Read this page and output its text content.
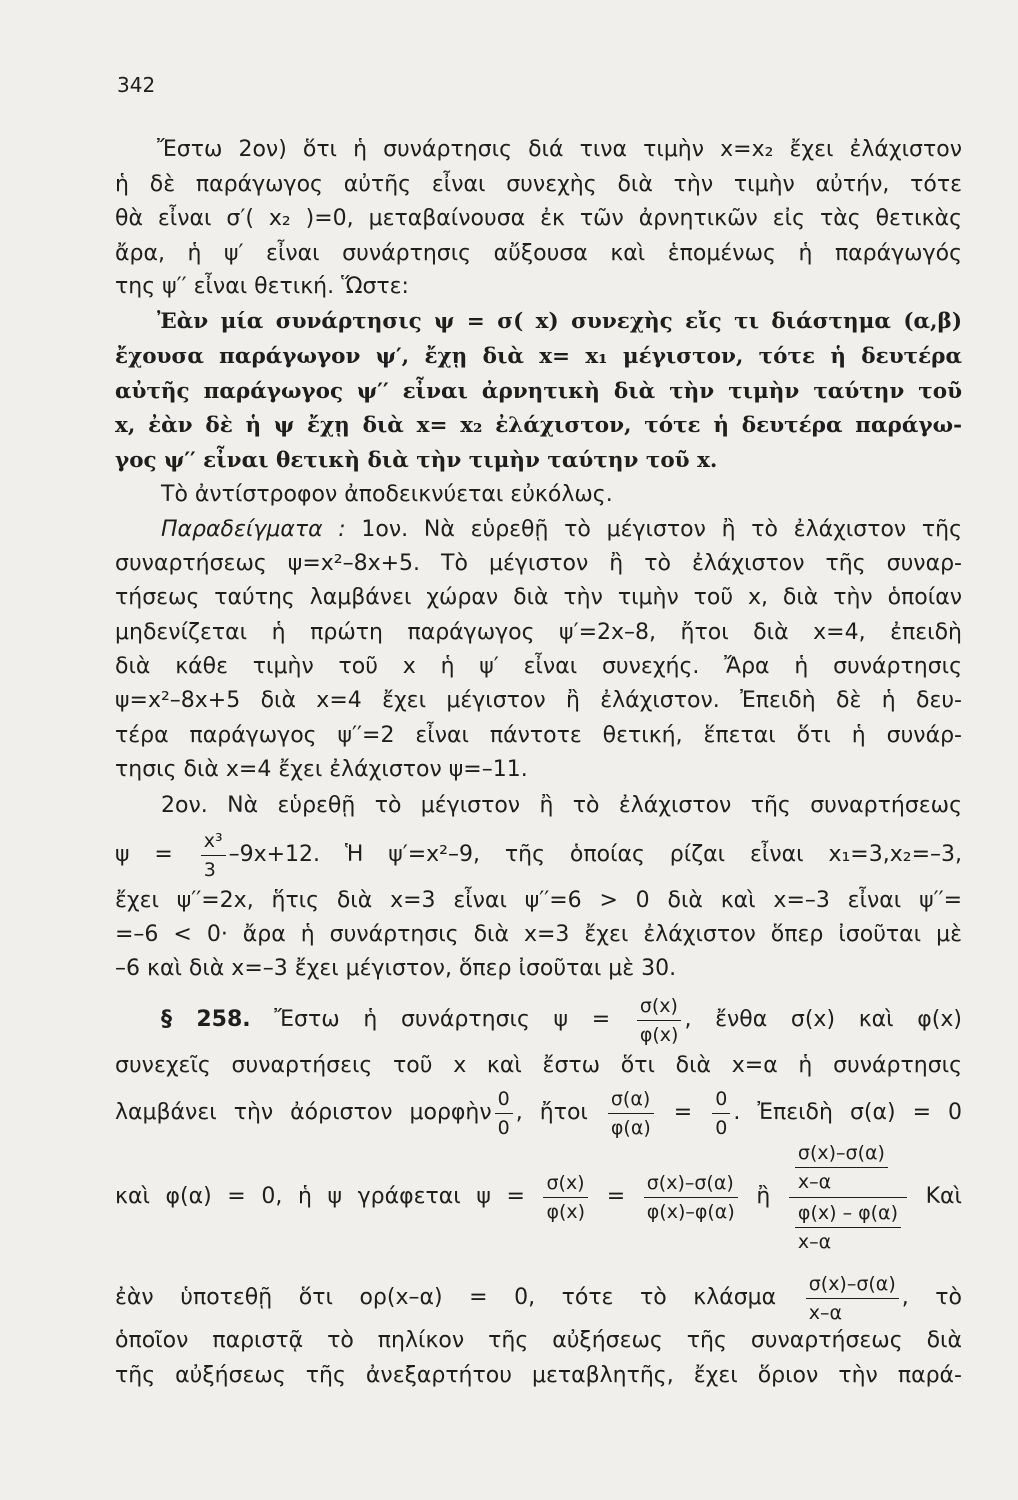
342
Ἔστω 2ον) ὅτι ἡ συνάρτησις διά τινα τιμὴν x=x₂ ἔχει ἐλάχιστον
ἡ δὲ παράγωγος αὐτῆς εἶναι συνεχὴς διὰ τὴν τιμὴν αὐτήν, τότε
θὰ εἶναι σ′( x₂ )=0, μεταβαίνουσα ἐκ τῶν ἀρνητικῶν εἰς τὰς θετικὰς
ἄρα, ἡ ψ′ εἶναι συνάρτησις αὔξουσα καὶ ἑπομένως ἡ παράγωγός
της ψ′′ εἶναι θετική. Ὥστε:
Ἐὰν μία συνάρτησις ψ = σ( x) συνεχὴς εἴς τι διάστημα (α,β)
ἔχουσα παράγωγον ψ′, ἔχῃ διὰ x= x₁ μέγιστον, τότε ἡ δευτέρα
αὐτῆς παράγωγος ψ′′ εἶναι ἀρνητικὴ διὰ τὴν τιμὴν ταύτην τοῦ
x, ἐὰν δὲ ἡ ψ ἔχῃ διὰ x= x₂ ἐλάχιστον, τότε ἡ δευτέρα παράγω-
γος ψ′′ εἶναι θετικὴ διὰ τὴν τιμὴν ταύτην τοῦ x.
Τὸ ἀντίστροφον ἀποδεικνύεται εὐκόλως.
Παραδείγματα : 1ον. Νὰ εὑρεθῇ τὸ μέγιστον ἢ τὸ ἐλάχιστον τῆς
συναρτήσεως ψ=x²–8x+5. Τὸ μέγιστον ἢ τὸ ἐλάχιστον τῆς συναρ-
τήσεως ταύτης λαμβάνει χώραν διὰ τὴν τιμὴν τοῦ x, διὰ τὴν ὁποίαν
μηδενίζεται ἡ πρώτη παράγωγος ψ′=2x–8, ἤτοι διὰ x=4, ἐπειδὴ
διὰ κάθε τιμὴν τοῦ x ἡ ψ′ εἶναι συνεχής. Ἄρα ἡ συνάρτησις
ψ=x²–8x+5 διὰ x=4 ἔχει μέγιστον ἢ ἐλάχιστον. Ἐπειδὴ δὲ ἡ δευ-
τέρα παράγωγος ψ′′=2 εἶναι πάντοτε θετική, ἕπεται ὅτι ἡ συνάρ-
τησις διὰ x=4 ἔχει ἐλάχιστον ψ=–11.
2ον. Νὰ εὑρεθῇ τὸ μέγιστον ἢ τὸ ἐλάχιστον τῆς συναρτήσεως
$\psi = \frac{\text{x³}}{3} -9x+12$. Ἡ ψ′=x²–9, τῆς ὁποίας ρίζαι εἶναι x₁=3,x₂=–3,
ἔχει ψ′′=2x, ἥτις διὰ x=3 εἶναι ψ′′=6 > 0 διὰ καὶ x=–3 εἶναι ψ′′=
=–6 < 0· ἄρα ἡ συνάρτησις διὰ x=3 ἔχει ἐλάχιστον ὅπερ ἰσοῦται μὲ
–6 καὶ διὰ x=–3 ἔχει μέγιστον, ὅπερ ἰσοῦται μὲ 30.
§ 258. Ἔστω ἡ συνάρτησις $\psi = \frac{\sigma(x)}{\varphi(x)}$ , ἔνθα σ(x) καὶ φ(x)
συνεχεῖς συναρτήσεις τοῦ x καὶ ἔστω ὅτι διὰ x=α ἡ συνάρτησις
λαμβάνει τὴν ἀόριστον μορφὴν $\frac{0}{0}$ , ἤτοι $\frac{\sigma(\alpha)}{\varphi(\alpha)} = \frac{0}{0}$ . Ἐπειδὴ σ(α) = 0
καὶ φ(α) = 0, ἡ ψ γράφεται $\psi = \frac{\sigma(x)}{\varphi(x)} = \frac{\sigma(x)-\sigma(\alpha)}{\varphi(x)-\varphi(\alpha)}$ ἢ $\frac{\frac{\sigma(x)-\sigma(\alpha)}{x-\alpha}}{\frac{\varphi(x) - \varphi(\alpha)}{x-\alpha}}$ Καὶ
ἐὰν ὑποτεθῇ ὅτι ορ(x–α) = 0, τότε τὸ κλάσμα $\frac{\sigma(x)-\sigma(\alpha)}{x-\alpha}$ , τὸ
ὁποῖον παριστᾷ τὸ πηλίκον τῆς αὐξήσεως τῆς συναρτήσεως διὰ
τῆς αὐξήσεως τῆς ἀνεξαρτήτου μεταβλητῆς, ἔχει ὅριον τὴν παρά-
